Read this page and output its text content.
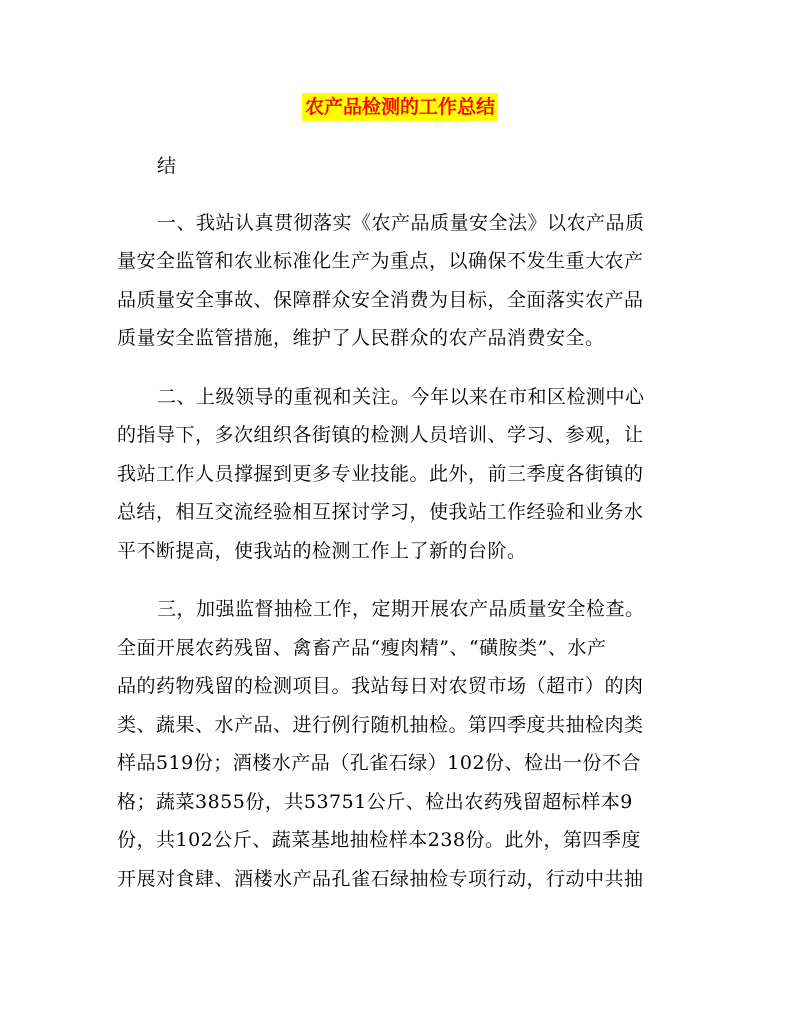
农产品检测的工作总结
结
一、我站认真贯彻落实《农产品质量安全法》以农产品质
量安全监管和农业标准化生产为重点，以确保不发生重大农产
品质量安全事故、保障群众安全消费为目标，全面落实农产品
质量安全监管措施，维护了人民群众的农产品消费安全。
二、上级领导的重视和关注。今年以来在市和区检测中心
的指导下，多次组织各街镇的检测人员培训、学习、参观，让
我站工作人员撑握到更多专业技能。此外，前三季度各街镇的
总结，相互交流经验相互探讨学习，使我站工作经验和业务水
平不断提高，使我站的检测工作上了新的台阶。
三，加强监督抽检工作，定期开展农产品质量安全检查。
全面开展农药残留、禽畜产品“瘦肉精”、“磺胺类”、水产
品的药物残留的检测项目。我站每日对农贸市场（超市）的肉
类、蔬果、水产品、进行例行随机抽检。第四季度共抽检肉类
样品519份；酒楼水产品（孔雀石绿）102份、检出一份不合
格；蔬菜3855份，共53751公斤、检出农药残留超标样本9
份，共102公斤、蔬菜基地抽检样本238份。此外，第四季度
开展对食肆、酒楼水产品孔雀石绿抽检专项行动，行动中共抽
